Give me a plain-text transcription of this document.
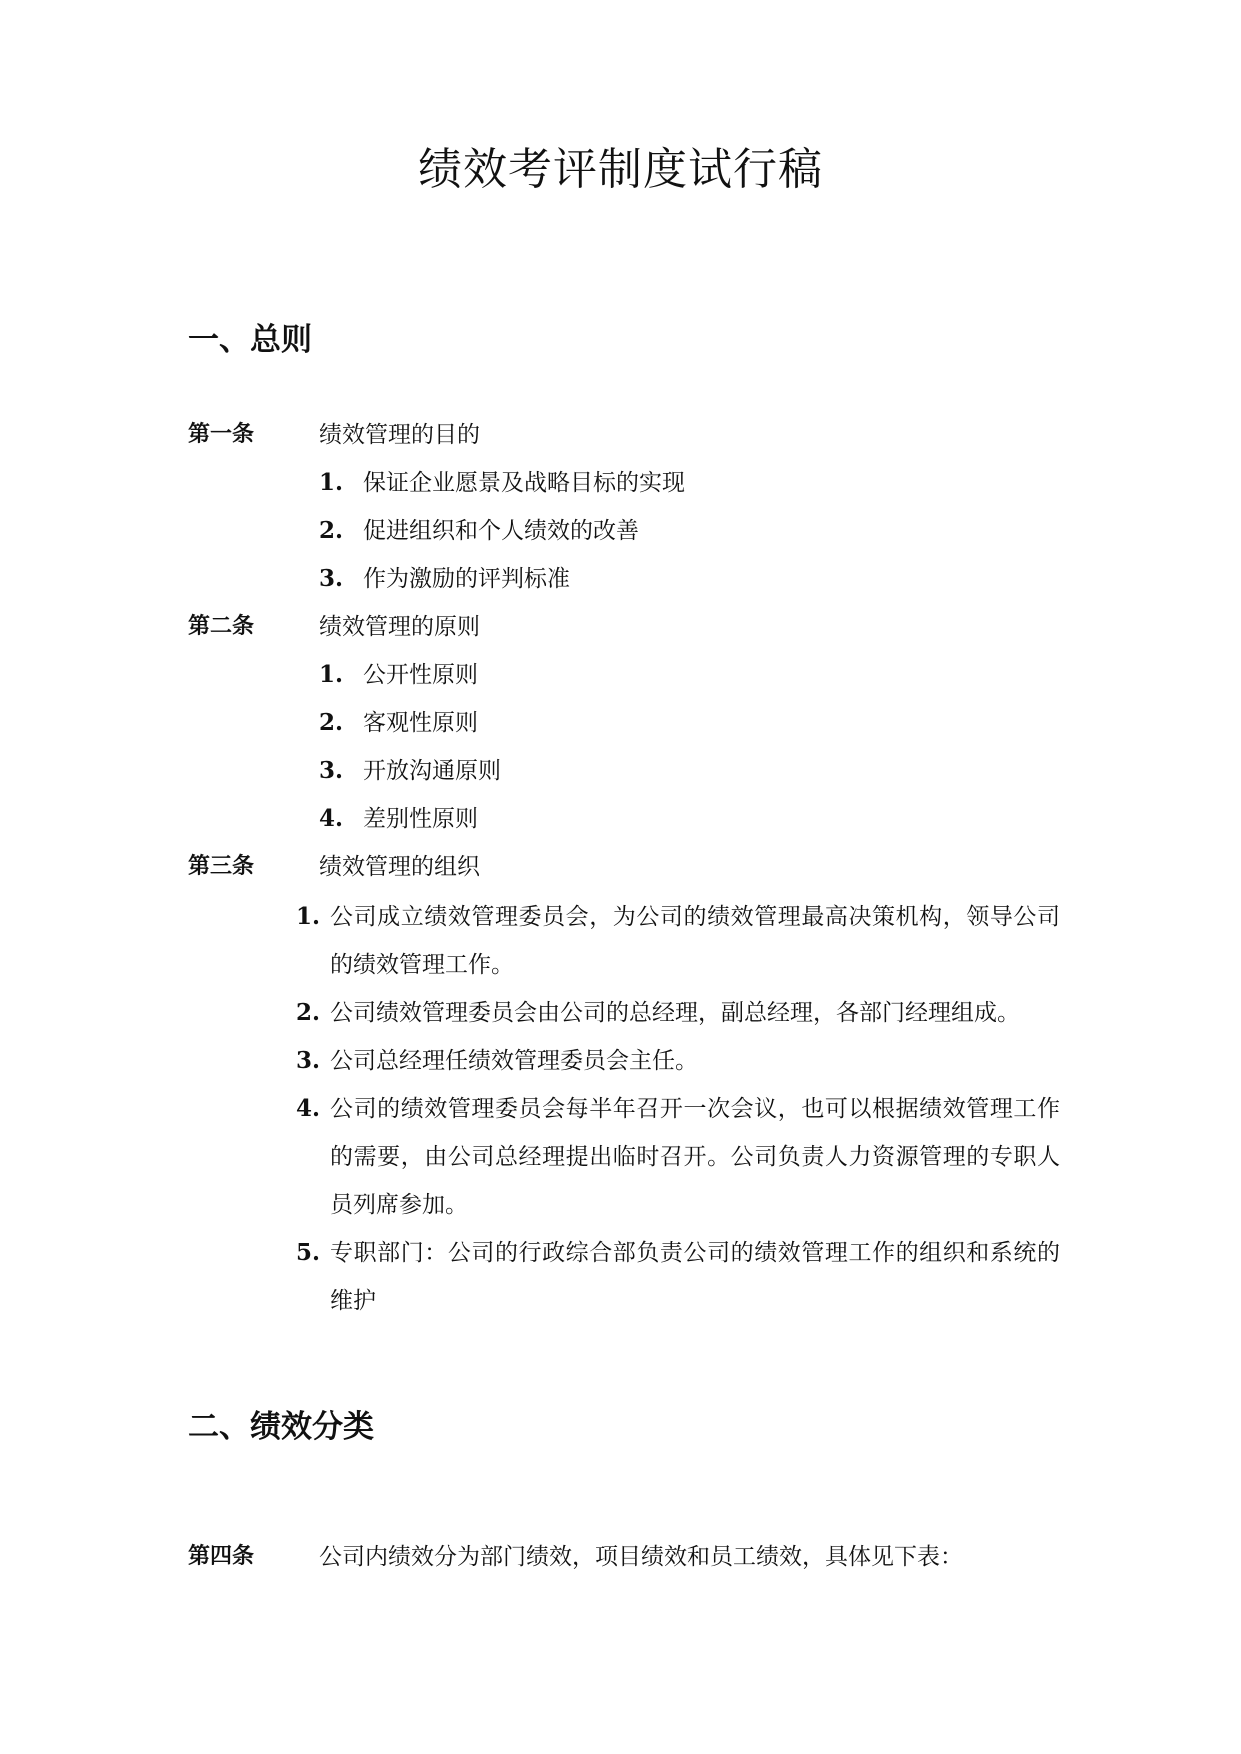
绩效考评制度试行稿
一、总则
第一条	绩效管理的目的
1. 保证企业愿景及战略目标的实现
2. 促进组织和个人绩效的改善
3. 作为激励的评判标准
第二条	绩效管理的原则
1. 公开性原则
2. 客观性原则
3. 开放沟通原则
4. 差别性原则
第三条	绩效管理的组织
1. 公司成立绩效管理委员会，为公司的绩效管理最高决策机构，领导公司的绩效管理工作。
2. 公司绩效管理委员会由公司的总经理，副总经理，各部门经理组成。
3. 公司总经理任绩效管理委员会主任。
4. 公司的绩效管理委员会每半年召开一次会议，也可以根据绩效管理工作的需要，由公司总经理提出临时召开。公司负责人力资源管理的专职人员列席参加。
5. 专职部门：公司的行政综合部负责公司的绩效管理工作的组织和系统的维护
二、绩效分类
第四条	公司内绩效分为部门绩效，项目绩效和员工绩效，具体见下表：
